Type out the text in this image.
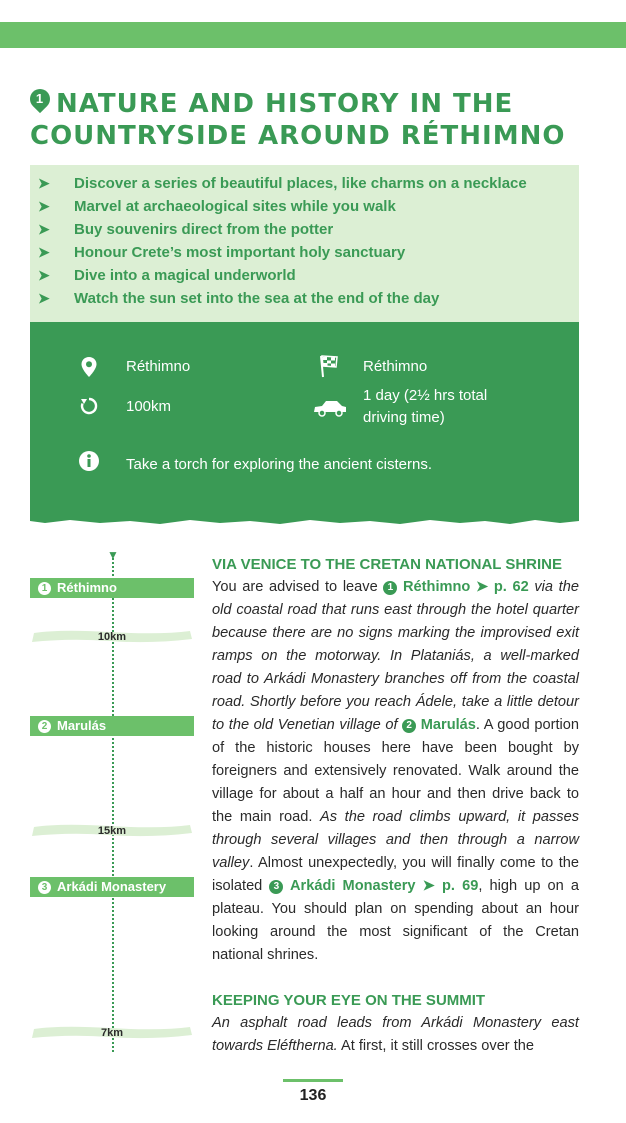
1 NATURE AND HISTORY IN THE
COUNTRYSIDE AROUND RÉTHIMNO
➤ Discover a series of beautiful places, like charms on a necklace
➤ Marvel at archaeological sites while you walk
➤ Buy souvenirs direct from the potter
➤ Honour Crete’s most important holy sanctuary
➤ Dive into a magical underworld
➤ Watch the sun set into the sea at the end of the day
Réthimno	Réthimno
100km
1 day (2½ hrs total
driving time)
Take a torch for exploring the ancient cisterns.
▼
1 Réthimno
10km
2 Marulás
15km
3 Arkádi Monastery
7km
VIA VENICE TO THE CRETAN NATIONAL SHRINE

You are advised to leave 1 Réthimno ➤ p. 62 via the old coastal road that runs east through the hotel quarter because there are no signs marking the improvised exit ramps on the motorway. In Plataniás, a well-marked road to Arkádi Monastery branches off from the coastal road. Shortly before you reach Ádele, take a little detour to the old Venetian village of 2 Marulás. A good portion of the historic houses here have been bought by foreigners and extensively renovated. Walk around the village for about a half an hour and then drive back to the main road. As the road climbs upward, it passes through several villages and then through a narrow valley. Almost unexpectedly, you will finally come to the isolated 3 Arkádi Monastery ➤ p. 69, high up on a plateau. You should plan on spending about an hour looking around the most significant of the Cretan national shrines.

KEEPING YOUR EYE ON THE SUMMIT

An asphalt road leads from Arkádi Monastery east towards Eléftherna. At first, it still crosses over the

136
